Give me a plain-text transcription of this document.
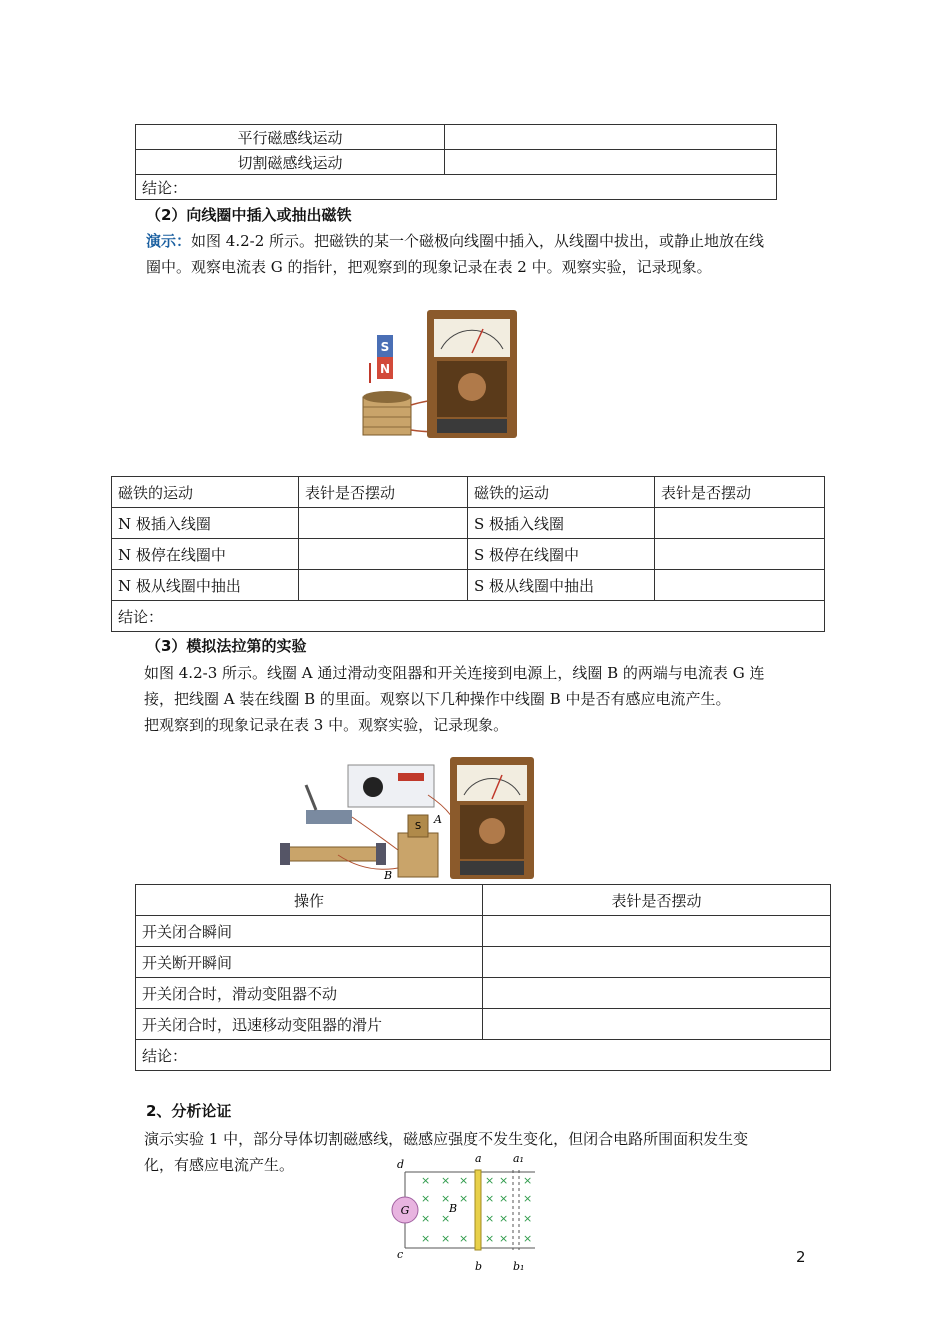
平行磁感线运动	
切割磁感线运动	
结论：	
（2）向线圈中插入或抽出磁铁
演示：如图 4.2-2 所示。把磁铁的某一个磁极向线圈中插入，从线圈中拔出，或静止地放在线
圈中。观察电流表 G 的指针，把观察到的现象记录在表 2 中。观察实验，记录现象。
S
N
磁铁的运动	表针是否摆动	磁铁的运动	表针是否摆动
N 极插入线圈		S 极插入线圈	
N 极停在线圈中		S 极停在线圈中	
N 极从线圈中抽出		S 极从线圈中抽出	
结论：			
（3）模拟法拉第的实验
如图 4.2-3 所示。线圈 A 通过滑动变阻器和开关连接到电源上，线圈 B 的两端与电流表 G 连
接，把线圈 A 装在线圈 B 的里面。观察以下几种操作中线圈 B 中是否有感应电流产生。
把观察到的现象记录在表 3 中。观察实验，记录现象。
S
A
B
操作	表针是否摆动
开关闭合瞬间	
开关断开瞬间	
开关闭合时，滑动变阻器不动	
开关闭合时，迅速移动变阻器的滑片	
结论：	
2、分析论证
演示实验 1 中，部分导体切割磁感线，磁感应强度不发生变化，但闭合电路所围面积发生变
化，有感应电流产生。	d	a	a₁
c
b	b₁
G	B
× × × × × ×
× × × × × ×
× ×	× × ×
× × × × × ×
2
